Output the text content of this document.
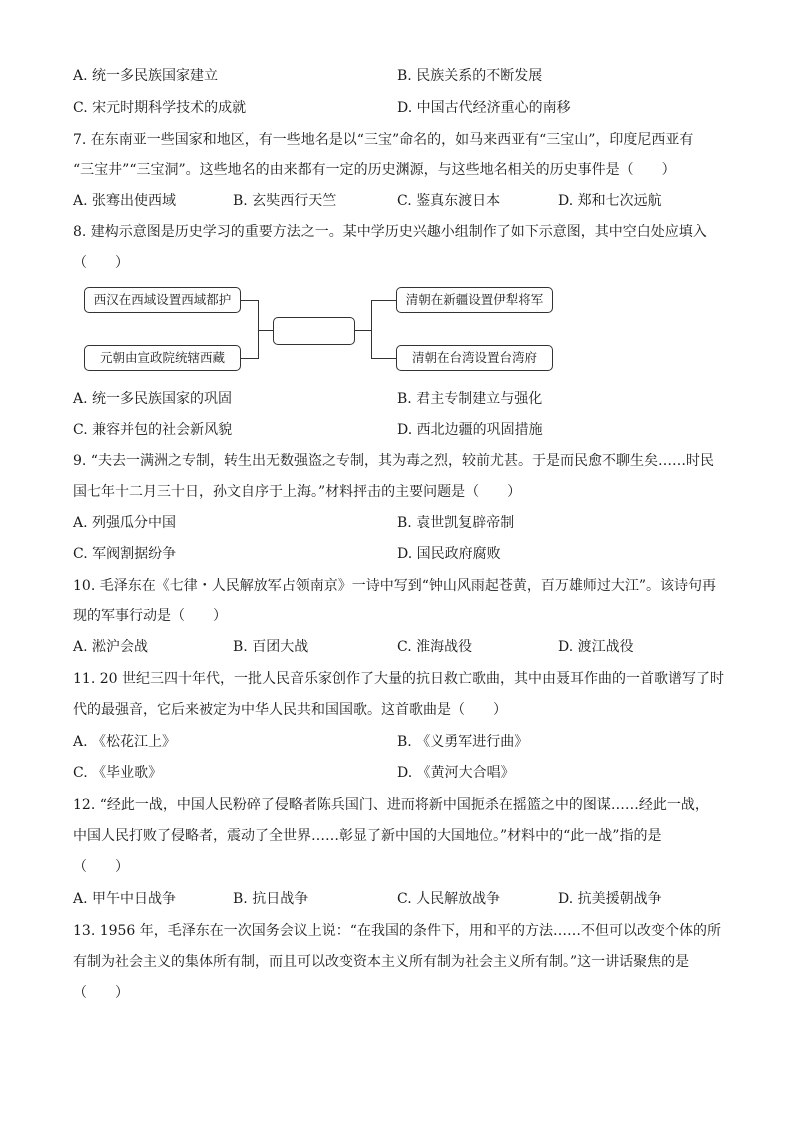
A. 统一多民族国家建立	B. 民族关系的不断发展
C. 宋元时期科学技术的成就	D. 中国古代经济重心的南移
7. 在东南亚一些国家和地区，有一些地名是以“三宝”命名的，如马来西亚有“三宝山”，印度尼西亚有
“三宝井”“三宝洞”。这些地名的由来都有一定的历史渊源，与这些地名相关的历史事件是（　　）
A. 张骞出使西域	B. 玄奘西行天竺	C. 鉴真东渡日本	D. 郑和七次远航
8. 建构示意图是历史学习的重要方法之一。某中学历史兴趣小组制作了如下示意图，其中空白处应填入
（　　）
西汉在西域设置西域都护
元朝由宣政院统辖西藏
清朝在新疆设置伊犁将军
清朝在台湾设置台湾府
A. 统一多民族国家的巩固	B. 君主专制建立与强化
C. 兼容并包的社会新风貌	D. 西北边疆的巩固措施
9. “夫去一满洲之专制，转生出无数强盗之专制，其为毒之烈，较前尤甚。于是而民愈不聊生矣……时民
国七年十二月三十日，孙文自序于上海。”材料抨击的主要问题是（　　）
A. 列强瓜分中国	B. 袁世凯复辟帝制
C. 军阀割据纷争	D. 国民政府腐败
10. 毛泽东在《七律・人民解放军占领南京》一诗中写到“钟山风雨起苍黄，百万雄师过大江”。该诗句再
现的军事行动是（　　）
A. 淞沪会战	B. 百团大战	C. 淮海战役	D. 渡江战役
11. 20 世纪三四十年代，一批人民音乐家创作了大量的抗日救亡歌曲，其中由聂耳作曲的一首歌谱写了时
代的最强音，它后来被定为中华人民共和国国歌。这首歌曲是（　　）
A. 《松花江上》	B. 《义勇军进行曲》
C. 《毕业歌》	D. 《黄河大合唱》
12. “经此一战，中国人民粉碎了侵略者陈兵国门、进而将新中国扼杀在摇篮之中的图谋……经此一战，
中国人民打败了侵略者，震动了全世界……彰显了新中国的大国地位。”材料中的“此一战”指的是
（　　）
A. 甲午中日战争	B. 抗日战争	C. 人民解放战争	D. 抗美援朝战争
13. 1956 年，毛泽东在一次国务会议上说：“在我国的条件下，用和平的方法……不但可以改变个体的所
有制为社会主义的集体所有制，而且可以改变资本主义所有制为社会主义所有制。”这一讲话聚焦的是
（　　）
